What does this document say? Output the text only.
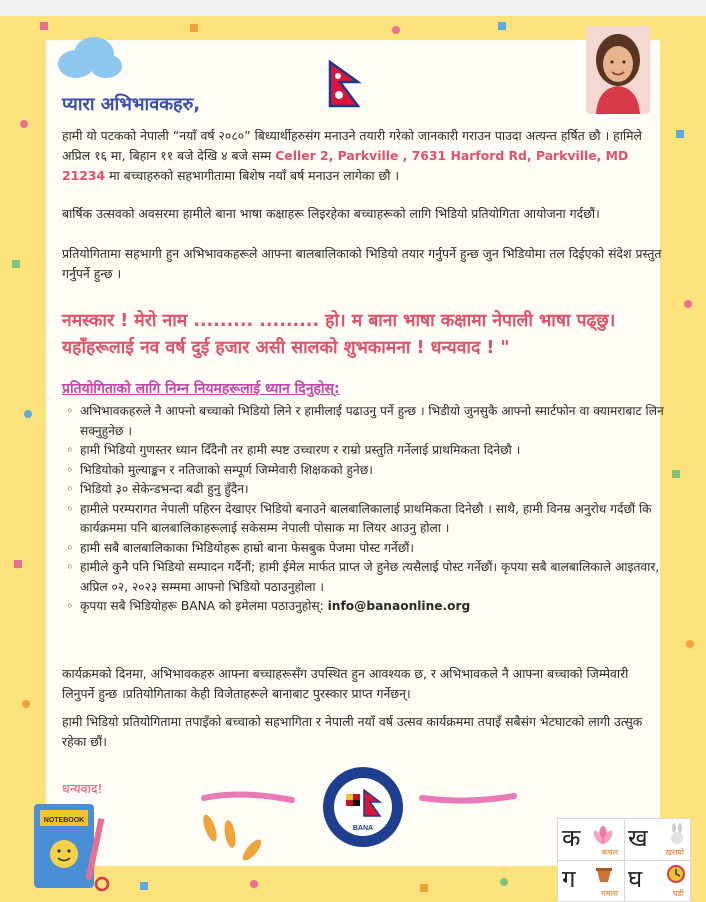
प्यारा अभिभावकहरु,
हामी यो पटकको नेपाली “नयाँ वर्ष २०८०” बिध्यार्थीहरुसंग मनाउने तयारी गरेको जानकारी गराउन पाउदा अत्यन्त हर्षित छौ । हामिले अप्रिल १६ मा, बिहान ११ बजे देखि ४ बजे सम्म Celler 2, Parkville , 7631 Harford Rd, Parkville, MD 21234 मा बच्चाहरुको सहभागीतामा बिशेष नयाँ बर्ष मनाउन लागेका छौ ।
बार्षिक उत्सवको अवसरमा हामीले बाना भाषा कक्षाहरू लिइरहेका बच्चाहरूको लागि भिडियो प्रतियोगिता आयोजना गर्दछौं।
प्रतियोगितामा सहभागी हुन अभिभावकहरूले आफ्ना बालबालिकाको भिडियो तयार गर्नुपर्ने हुन्छ जुन भिडियोमा तल दिईएको संदेश प्रस्तुत गर्नुपर्ने हुन्छ ।
नमस्कार ! मेरो नाम ......... ......... हो। म बाना भाषा कक्षामा नेपाली भाषा पढ्छु। यहाँहरूलाई नव वर्ष दुई हजार असी सालको शुभकामना ! धन्यवाद ! "
प्रतियोगिताको लागि निम्न नियमहरूलाई ध्यान दिनुहोस्:
◦ अभिभावकहरुले नै आफ्नो बच्चाको भिडियो लिने र हामीलाई पढाउनु पर्ने हुन्छ । भिडीयो जुनसुकै आफ्नो स्मार्टफोन वा क्यामराबाट लिन सक्नुहुनेछ ।
◦ हामी भिडियो गुणस्तर ध्यान दिँदैनौ तर हामी स्पष्ट उच्चारण र राम्रो प्रस्तुति गर्नेलाई प्राथमिकता दिनेछौ ।
◦ भिडियोको मुल्याङ्कन र नतिजाको सम्पूर्ण जिम्मेवारी शिक्षकको हुनेछ।
◦ भिडियो ३० सेकेन्डभन्दा बढी हुनु हुँदैन।
◦ हामीले परम्परागत नेपाली पहिरन देखाएर भिडियो बनाउने बालबालिकालाई प्राथमिकता दिनेछौ । साथै, हामी विनम्र अनुरोध गर्दछौं कि कार्यक्रममा पनि बालबालिकाहरूलाई सकेसम्म नेपाली पोसाक मा लियर आउनु होला ।
◦ हामी सबै बालबालिकाका भिडियोहरू हाम्रो बाना फेसबुक पेजमा पोस्ट गर्नेछौं।
◦ हामीले कुनै पनि भिडियो सम्पादन गर्दैनौं; हामी ईमेल मार्फत प्राप्त जे हुनेछ त्यसैलाई पोस्ट गर्नेछौं। कृपया सबै बालबालिकाले आइतवार, अप्रिल ०२, २०२३ सम्ममा आफ्नो भिडियो पठाउनुहोला ।
◦ कृपया सबै भिडियोहरू BANA को इमेलमा पठाउनुहोस्: info@banaonline.org
कार्यक्रमको दिनमा, अभिभावकहरु आफ्ना बच्चाहरूसँग उपस्थित हुन आवश्यक छ, र अभिभावकले नै आफ्ना बच्चाको जिम्मेवारी लिनुपर्ने हुन्छ ।प्रतियोगिताका केही विजेताहरूले बानाबाट पुरस्कार प्राप्त गर्नेछन्।
हामी भिडियो प्रतियोगितामा तपाइँको बच्चाको सहभागिता र नेपाली नयाँ वर्ष उत्सव कार्यक्रममा तपाइँ सबैसंग भेटघाटको लागी उत्सुक रहेका छौं।
धन्यवाद!
BANA
NOTEBOOK
क
कमल
ख
खरायो
ग
गमला
घ
घडी
